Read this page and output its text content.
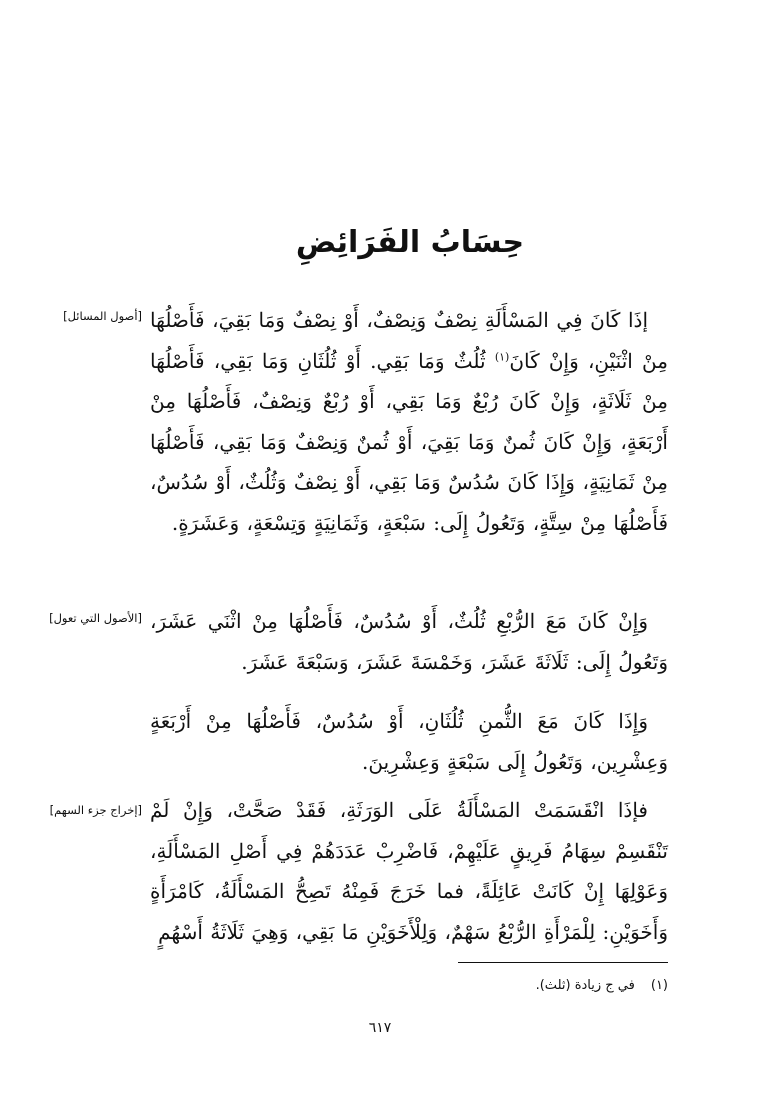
حِسَابُ الفَرَائِضِ
[أصول المسائل] إذَا كَانَ فِي المَسْأَلَةِ نِصْفٌ وَنِصْفٌ، أَوْ نِصْفٌ وَمَا بَقِيَ، فَأَصْلُهَا مِنْ اثْنَيْنِ، وَإِنْ كَانَ$^{(١)}$ ثُلُثٌ وَمَا بَقِي. أَوْ ثُلُثَانِ وَمَا بَقِي، فَأَصْلُهَا مِنْ ثَلَاثَةٍ، وَإِنْ كَانَ رُبْعٌ وَمَا بَقِي، أَوْ رُبْعٌ وَنِصْفٌ، فَأَصْلُهَا مِنْ أَرْبَعَةٍ، وَإِنْ كَانَ ثُمنٌ وَمَا بَقِيَ، أَوْ ثُمنٌ وَنِصْفٌ وَمَا بَقِي، فَأَصْلُهَا مِنْ ثَمَانِيَةٍ، وَإِذَا كَانَ سُدُسٌ وَمَا بَقِي، أَوْ نِصْفٌ وَثُلُثٌ، أَوْ سُدُسٌ، فَأَصْلُهَا مِنْ سِتَّةٍ، وَتَعُولُ إِلَى: سَبْعَةٍ، وَثَمَانِيَةٍ وَتِسْعَةٍ، وَعَشَرَةٍ.

[الأصول التي تعول] وَإِنْ كَانَ مَعَ الرُّبْعِ ثُلُثٌ، أَوْ سُدُسٌ، فَأَصْلُهَا مِنْ اثْنَي عَشَرَ، وَتَعُولُ إِلَى: ثَلَاثَةَ عَشَرَ، وَخَمْسَةَ عَشَرَ، وَسَبْعَةَ عَشَرَ.

وَإِذَا كَانَ مَعَ الثُّمنِ ثُلُثَانِ، أَوْ سُدُسٌ، فَأَصْلُهَا مِنْ أَرْبَعَةٍ وَعِشْرِين، وَتَعُولُ إِلَى سَبْعَةٍ وَعِشْرِينَ.

[إخراج جزء السهم] فإذَا انْقَسَمَتْ المَسْأَلَةُ عَلَى الوَرَثَةِ، فَقَدْ صَحَّتْ، وَإِنْ لَمْ تَنْقَسِمْ سِهَامُ فَرِيقٍ عَلَيْهِمْ، فَاضْرِبْ عَدَدَهُمْ فِي أَصْلِ المَسْأَلَةِ، وَعَوْلِهَا إِنْ كَانَتْ عَائِلَةً، فما خَرَجَ فَمِنْهُ تَصِحُّ المَسْأَلَةُ، كَامْرَأَةٍ وَأَخَوَيْنِ: لِلْمَرْأَةِ الرُّبْعُ سَهْمٌ، وَلِلْأَخَوَيْنِ مَا بَقِي، وَهِيَ ثَلَاثَةُ أَسْهُمٍ

(١)في ج زيادة (ثلث).

٦١٧
